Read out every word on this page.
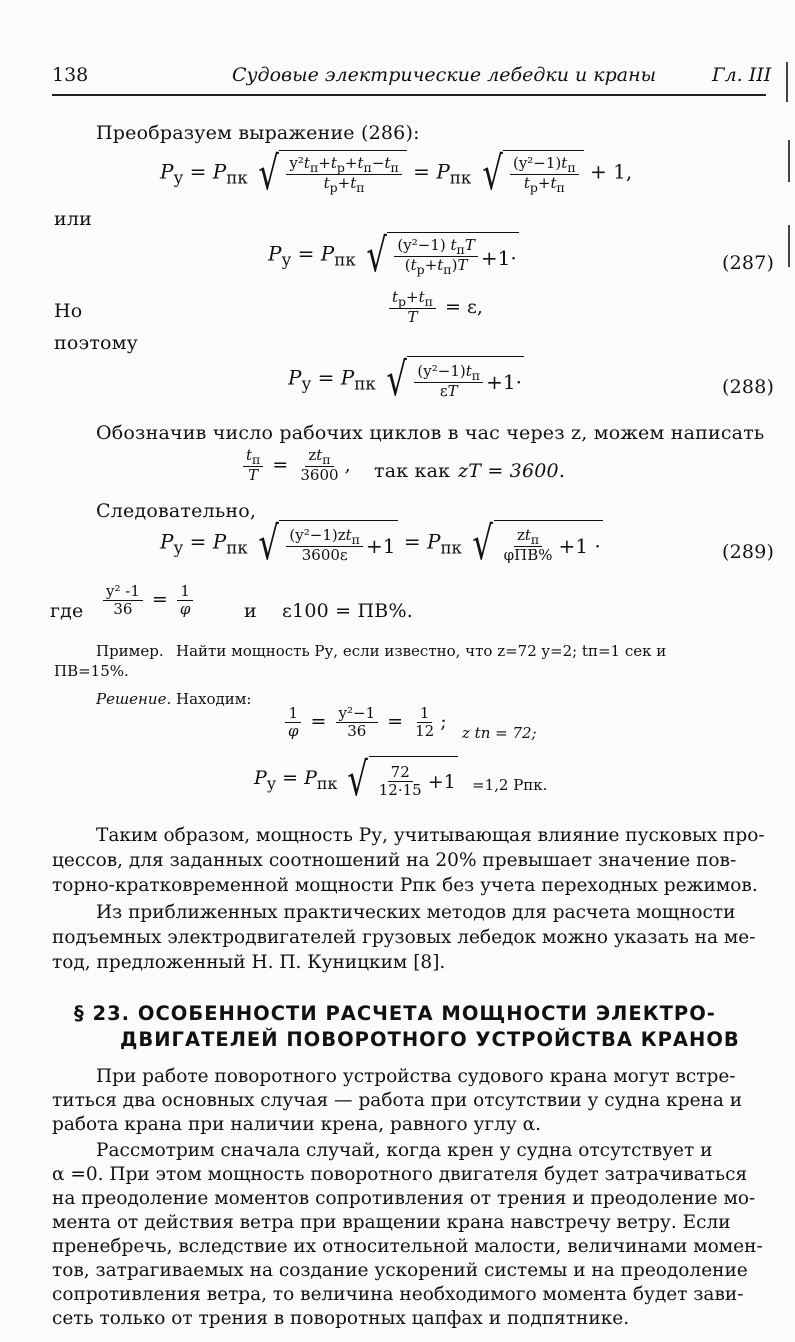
138	Судовые электрические лебедки и краны	Гл. III
Преобразуем выражение (286):
$P_у = P_{пк}$ √ $\frac{y^2t_п+t_р+t_п-t_п}{t_р+t_п} = P_{пк}$ √ $\frac{(y^2-1)t_п}{t_р+t_п} + 1$,
или
$P_у = P_{пк}$ √ $\frac{(y^2-1) t_пT}{(t_р+t_п)T} +1\cdot$	(287)
Но	$\frac{t_р+t_п}{T} = \varepsilon$,
поэтому
$P_у = P_{пк}$ √ $\frac{(y^2-1)t_п}{\varepsilon T} +1\cdot$	(288)
Обозначив число рабочих циклов в час через z, можем написать
$\frac{t_п}{T} = \frac{zt_п}{3600}$ , так как zT = 3600.
Следовательно,
$P_у = P_{пк}$ √ $\frac{(y^2-1)zt_п}{3600\varepsilon} +1 = P_{пк}$ √ $\frac{zt_п}{\text{φПВ\%}} +1$ ·	(289)
где $\frac{\text{y² -1}}{36} = \frac{1}{\varphi}$	и ε100 = ПВ%.
Пример. Найти мощность Pу, если известно, что z=72 y=2; tп=1 сек и
ПВ=15%.
Решение. Находим:
$\frac{1}{\varphi} = \frac{\text{y²−1}}{36} = \frac{1}{12}$ ;
z tп = 72;
$P_у = P_{пк}$ √ $\frac{72}{12\cdot 15} +1 =1,2$ Pпк.
Таким образом, мощность Pу, учитывающая влияние пусковых про-
цессов, для заданных соотношений на 20% превышает значение пов-
торно-кратковременной мощности Pпк без учета переходных режимов.
Из приближенных практических методов для расчета мощности
подъемных электродвигателей грузовых лебедок можно указать на ме-
тод, предложенный Н. П. Куницким [8].
§ 23. ОСОБЕННОСТИ РАСЧЕТА МОЩНОСТИ ЭЛЕКТРО-
ДВИГАТЕЛЕЙ ПОВОРОТНОГО УСТРОЙСТВА КРАНОВ
При работе поворотного устройства судового крана могут встре-
титься два основных случая — работа при отсутствии у судна крена и
работа крана при наличии крена, равного углу α.
Рассмотрим сначала случай, когда крен у судна отсутствует и
α =0. При этом мощность поворотного двигателя будет затрачиваться
на преодоление моментов сопротивления от трения и преодоление мо-
мента от действия ветра при вращении крана навстречу ветру. Если
пренебречь, вследствие их относительной малости, величинами момен-
тов, затрагиваемых на создание ускорений системы и на преодоление
сопротивления ветра, то величина необходимого момента будет зави-
сеть только от трения в поворотных цапфах и подпятнике.
